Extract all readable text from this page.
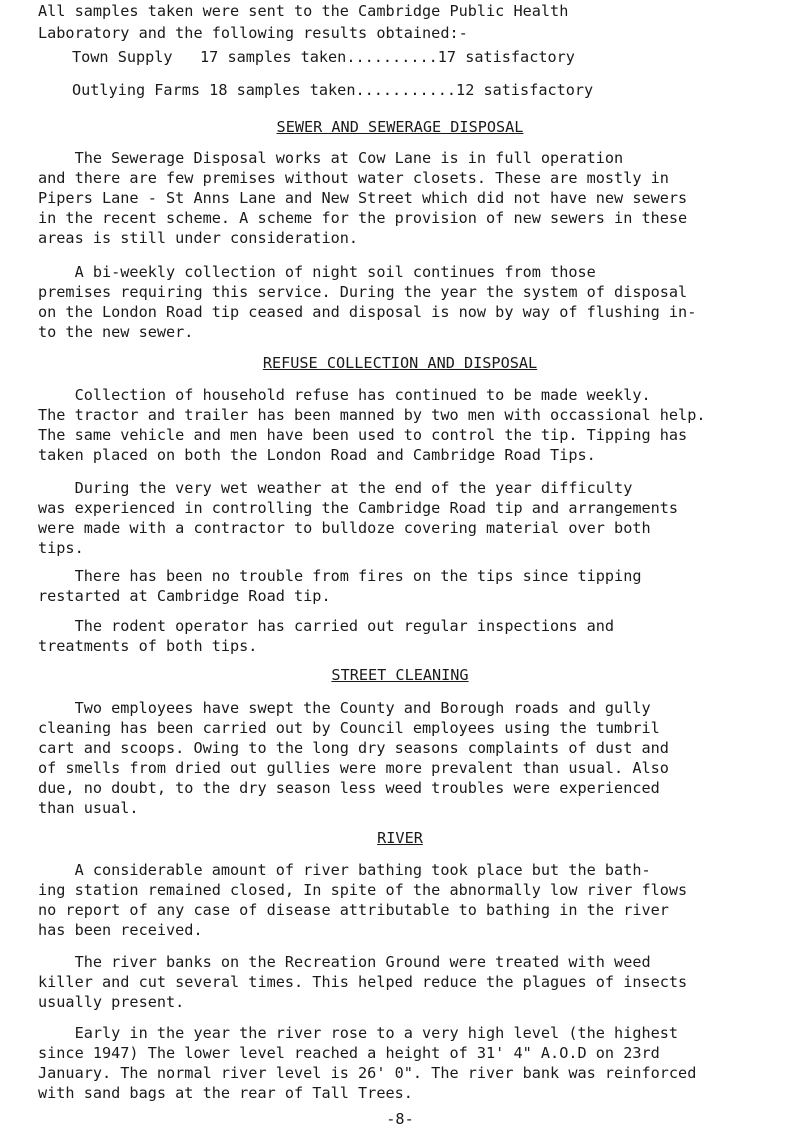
All samples taken were sent to the Cambridge Public Health
Laboratory and the following results obtained:-
Town Supply 17 samples taken..........17 satisfactory
Outlying Farms 18 samples taken...........12 satisfactory
SEWER AND SEWERAGE DISPOSAL
The Sewerage Disposal works at Cow Lane is in full operation
and there are few premises without water closets. These are mostly in
Pipers Lane - St Anns Lane and New Street which did not have new sewers
in the recent scheme. A scheme for the provision of new sewers in these
areas is still under consideration.
A bi-weekly collection of night soil continues from those
premises requiring this service. During the year the system of disposal
on the London Road tip ceased and disposal is now by way of flushing in-
to the new sewer.
REFUSE COLLECTION AND DISPOSAL
Collection of household refuse has continued to be made weekly.
The tractor and trailer has been manned by two men with occassional help.
The same vehicle and men have been used to control the tip. Tipping has
taken placed on both the London Road and Cambridge Road Tips.
During the very wet weather at the end of the year difficulty
was experienced in controlling the Cambridge Road tip and arrangements
were made with a contractor to bulldoze covering material over both
tips.
There has been no trouble from fires on the tips since tipping
restarted at Cambridge Road tip.
The rodent operator has carried out regular inspections and
treatments of both tips.
STREET CLEANING
Two employees have swept the County and Borough roads and gully
cleaning has been carried out by Council employees using the tumbril
cart and scoops. Owing to the long dry seasons complaints of dust and
of smells from dried out gullies were more prevalent than usual. Also
due, no doubt, to the dry season less weed troubles were experienced
than usual.
RIVER
A considerable amount of river bathing took place but the bath-
ing station remained closed, In spite of the abnormally low river flows
no report of any case of disease attributable to bathing in the river
has been received.
The river banks on the Recreation Ground were treated with weed
killer and cut several times. This helped reduce the plagues of insects
usually present.
Early in the year the river rose to a very high level (the highest
since 1947) The lower level reached a height of 31' 4" A.O.D on 23rd
January. The normal river level is 26' 0". The river bank was reinforced
with sand bags at the rear of Tall Trees.
-8-
